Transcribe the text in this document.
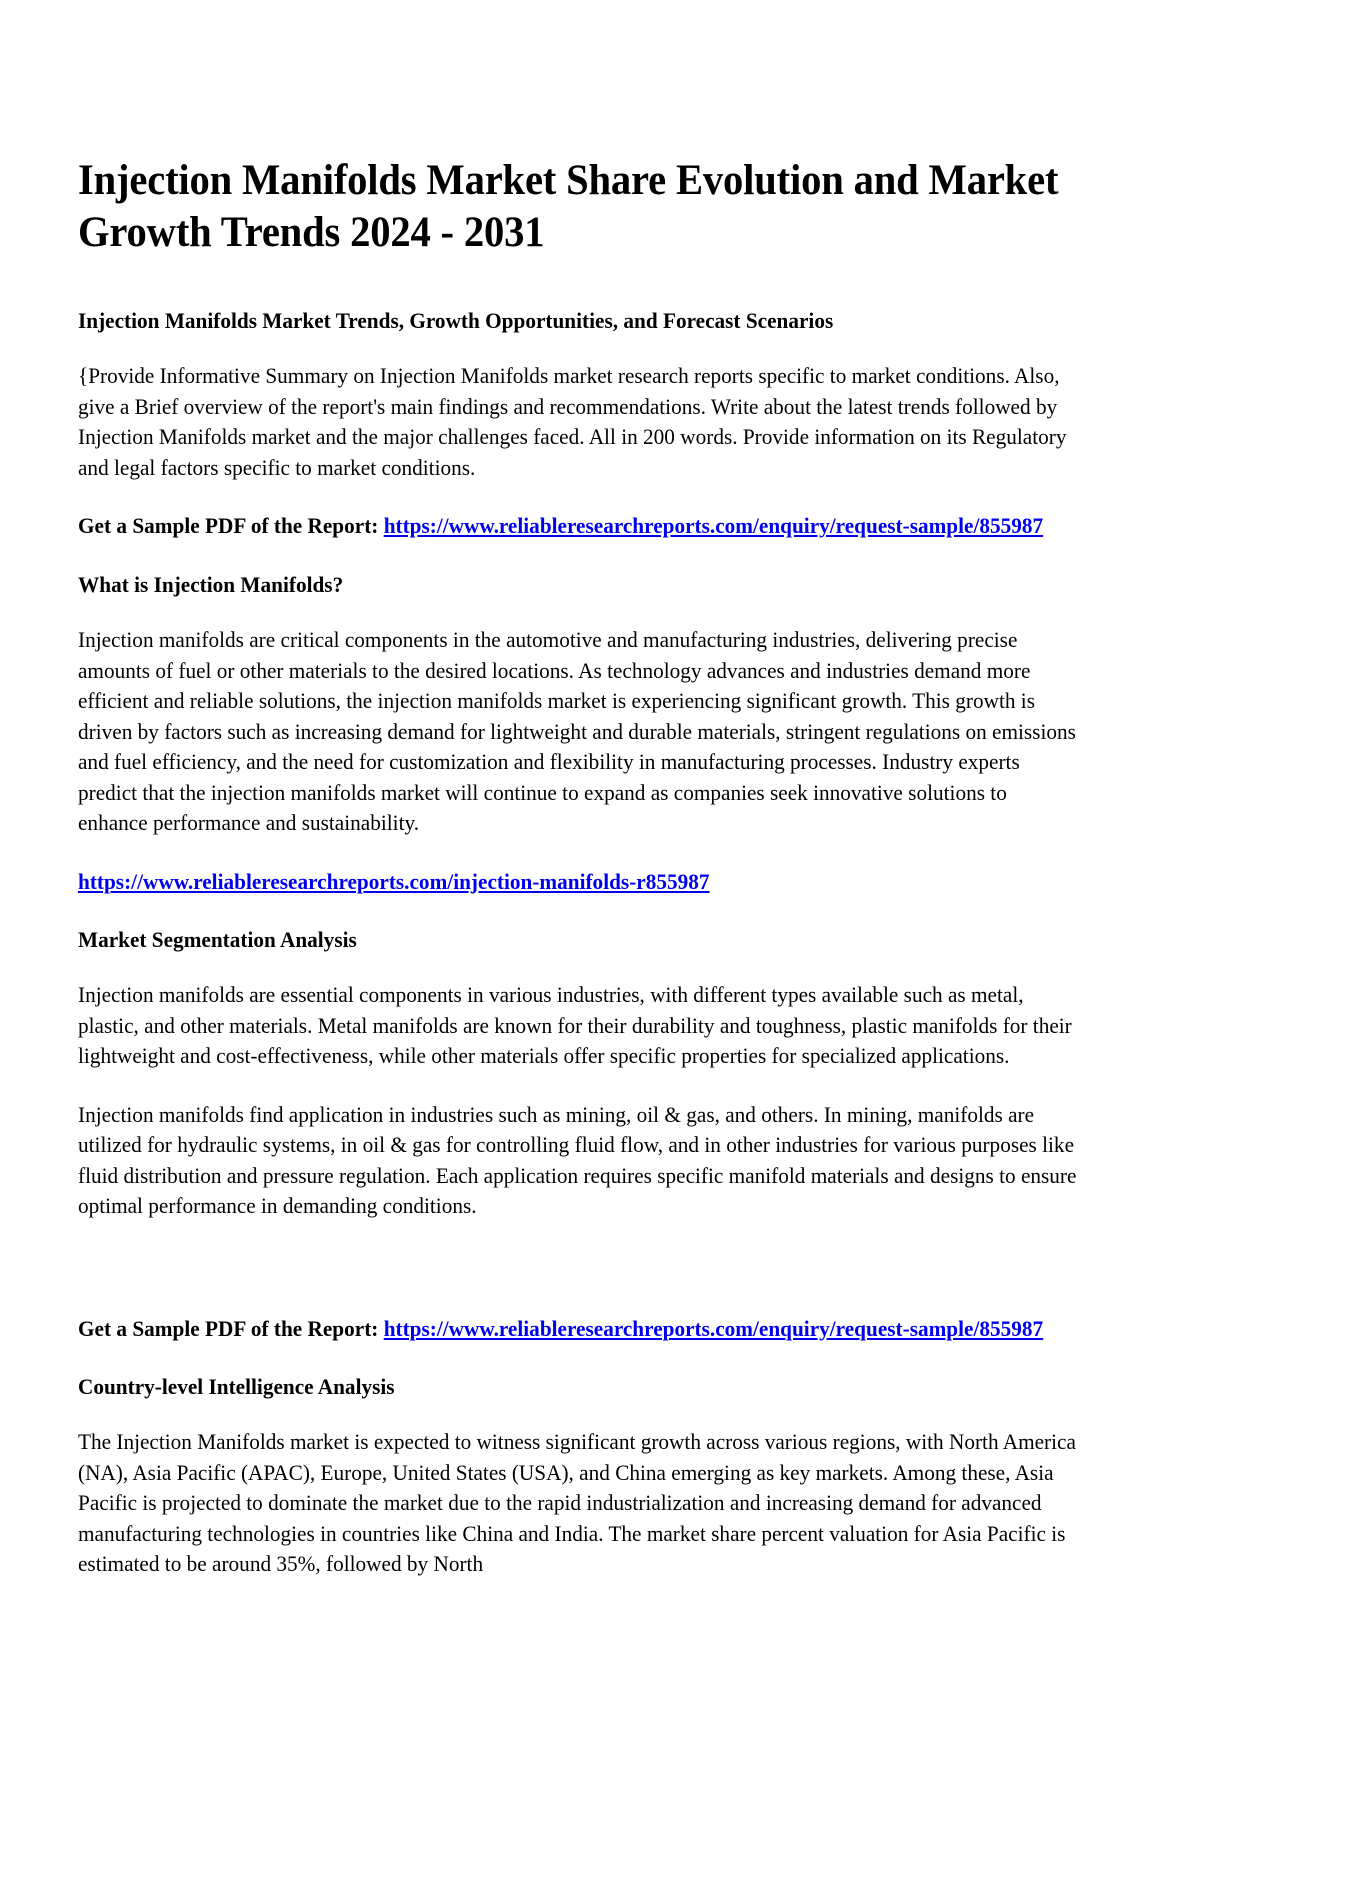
Injection Manifolds Market Share Evolution and Market Growth Trends 2024 - 2031
Injection Manifolds Market Trends, Growth Opportunities, and Forecast Scenarios

{Provide Informative Summary on Injection Manifolds market research reports specific to market conditions. Also, give a Brief overview of the report's main findings and recommendations. Write about the latest trends followed by Injection Manifolds market and the major challenges faced. All in 200 words. Provide information on its Regulatory and legal factors specific to market conditions.

Get a Sample PDF of the Report: https://www.reliableresearchreports.com/enquiry/request-sample/855987

What is Injection Manifolds?

Injection manifolds are critical components in the automotive and manufacturing industries, delivering precise amounts of fuel or other materials to the desired locations. As technology advances and industries demand more efficient and reliable solutions, the injection manifolds market is experiencing significant growth. This growth is driven by factors such as increasing demand for lightweight and durable materials, stringent regulations on emissions and fuel efficiency, and the need for customization and flexibility in manufacturing processes. Industry experts predict that the injection manifolds market will continue to expand as companies seek innovative solutions to enhance performance and sustainability.

https://www.reliableresearchreports.com/injection-manifolds-r855987

Market Segmentation Analysis

Injection manifolds are essential components in various industries, with different types available such as metal, plastic, and other materials. Metal manifolds are known for their durability and toughness, plastic manifolds for their lightweight and cost-effectiveness, while other materials offer specific properties for specialized applications.

Injection manifolds find application in industries such as mining, oil & gas, and others. In mining, manifolds are utilized for hydraulic systems, in oil & gas for controlling fluid flow, and in other industries for various purposes like fluid distribution and pressure regulation. Each application requires specific manifold materials and designs to ensure optimal performance in demanding conditions.

Get a Sample PDF of the Report: https://www.reliableresearchreports.com/enquiry/request-sample/855987

Country-level Intelligence Analysis

The Injection Manifolds market is expected to witness significant growth across various regions, with North America (NA), Asia Pacific (APAC), Europe, United States (USA), and China emerging as key markets. Among these, Asia Pacific is projected to dominate the market due to the rapid industrialization and increasing demand for advanced manufacturing technologies in countries like China and India. The market share percent valuation for Asia Pacific is estimated to be around 35%, followed by North
